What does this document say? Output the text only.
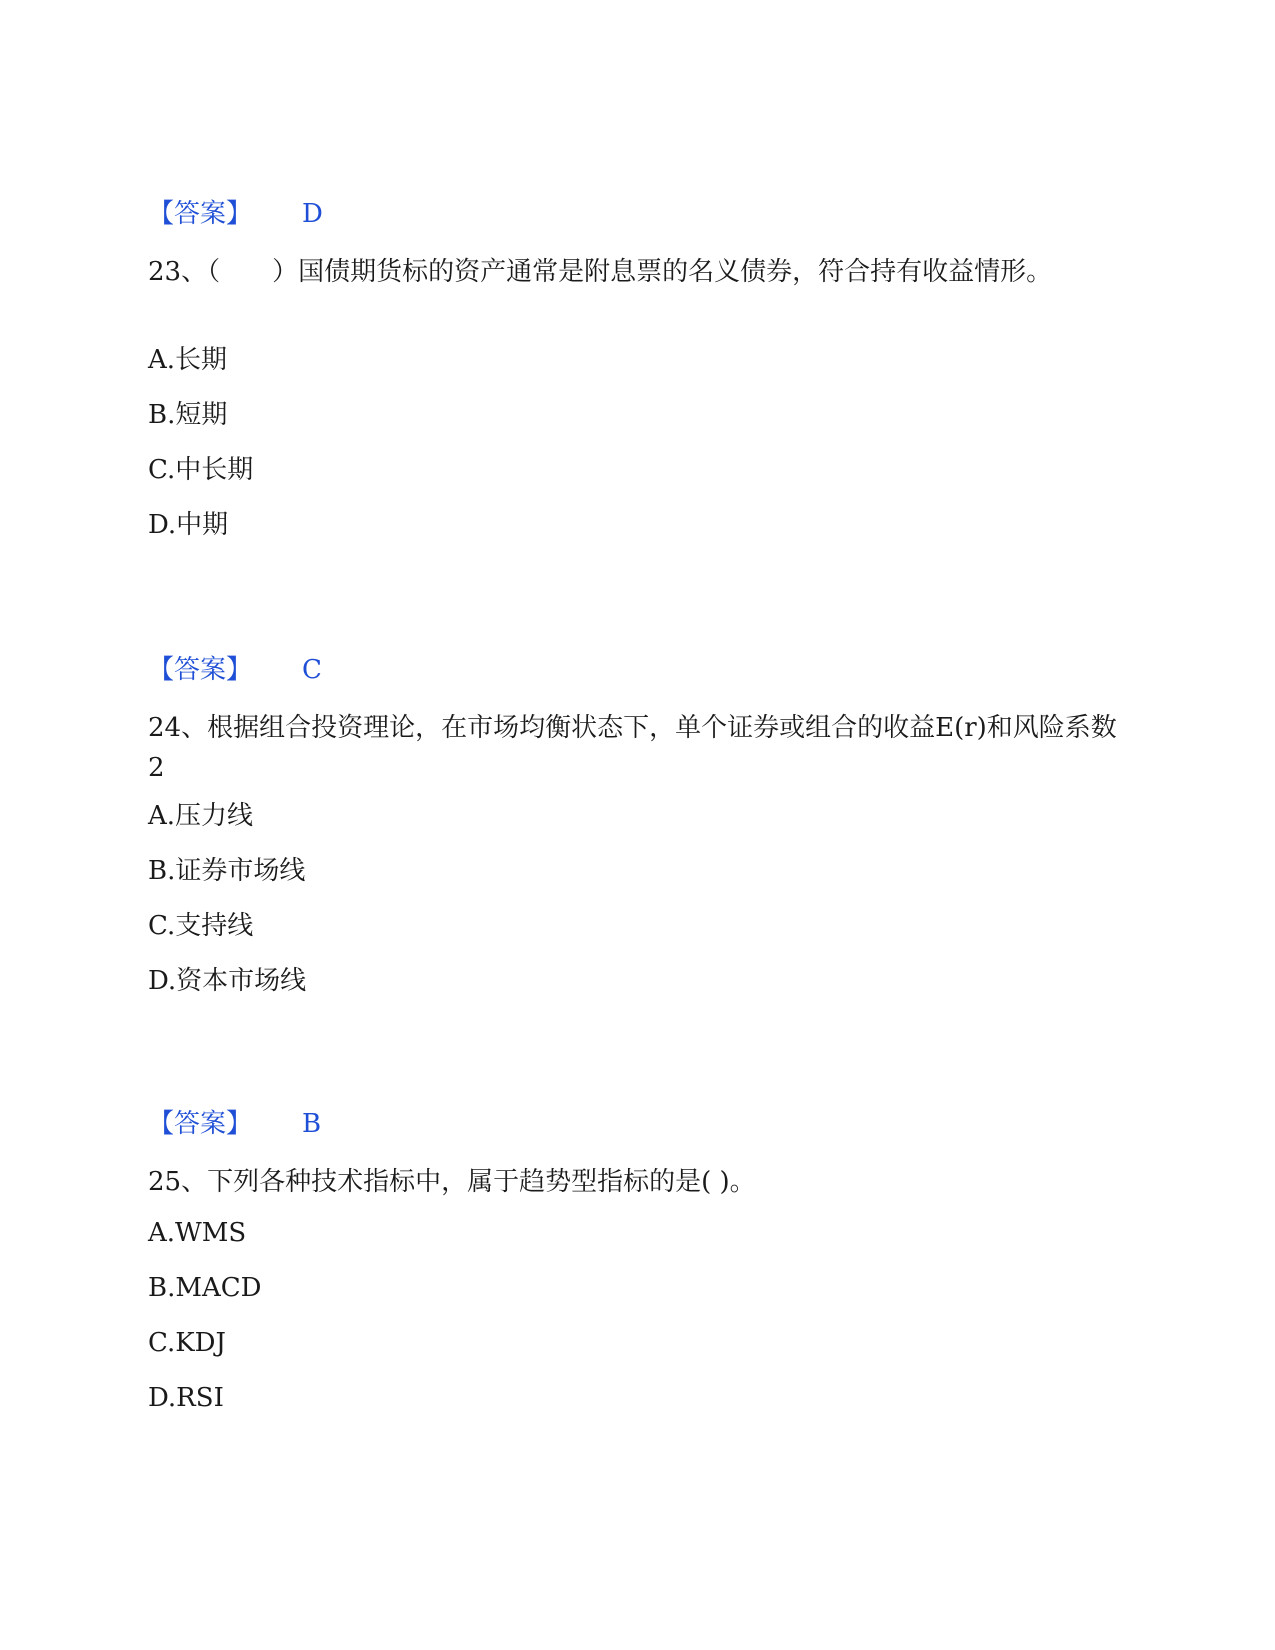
【答案】 D
23、（　　）国债期货标的资产通常是附息票的名义债券，符合持有收益情形。
A.长期
B.短期
C.中长期
D.中期
【答案】 C
24、根据组合投资理论，在市场均衡状态下，单个证券或组合的收益E(r)和风险系数2
A.压力线
B.证券市场线
C.支持线
D.资本市场线
【答案】 B
25、下列各种技术指标中，属于趋势型指标的是( )。
A.WMS
B.MACD
C.KDJ
D.RSI
